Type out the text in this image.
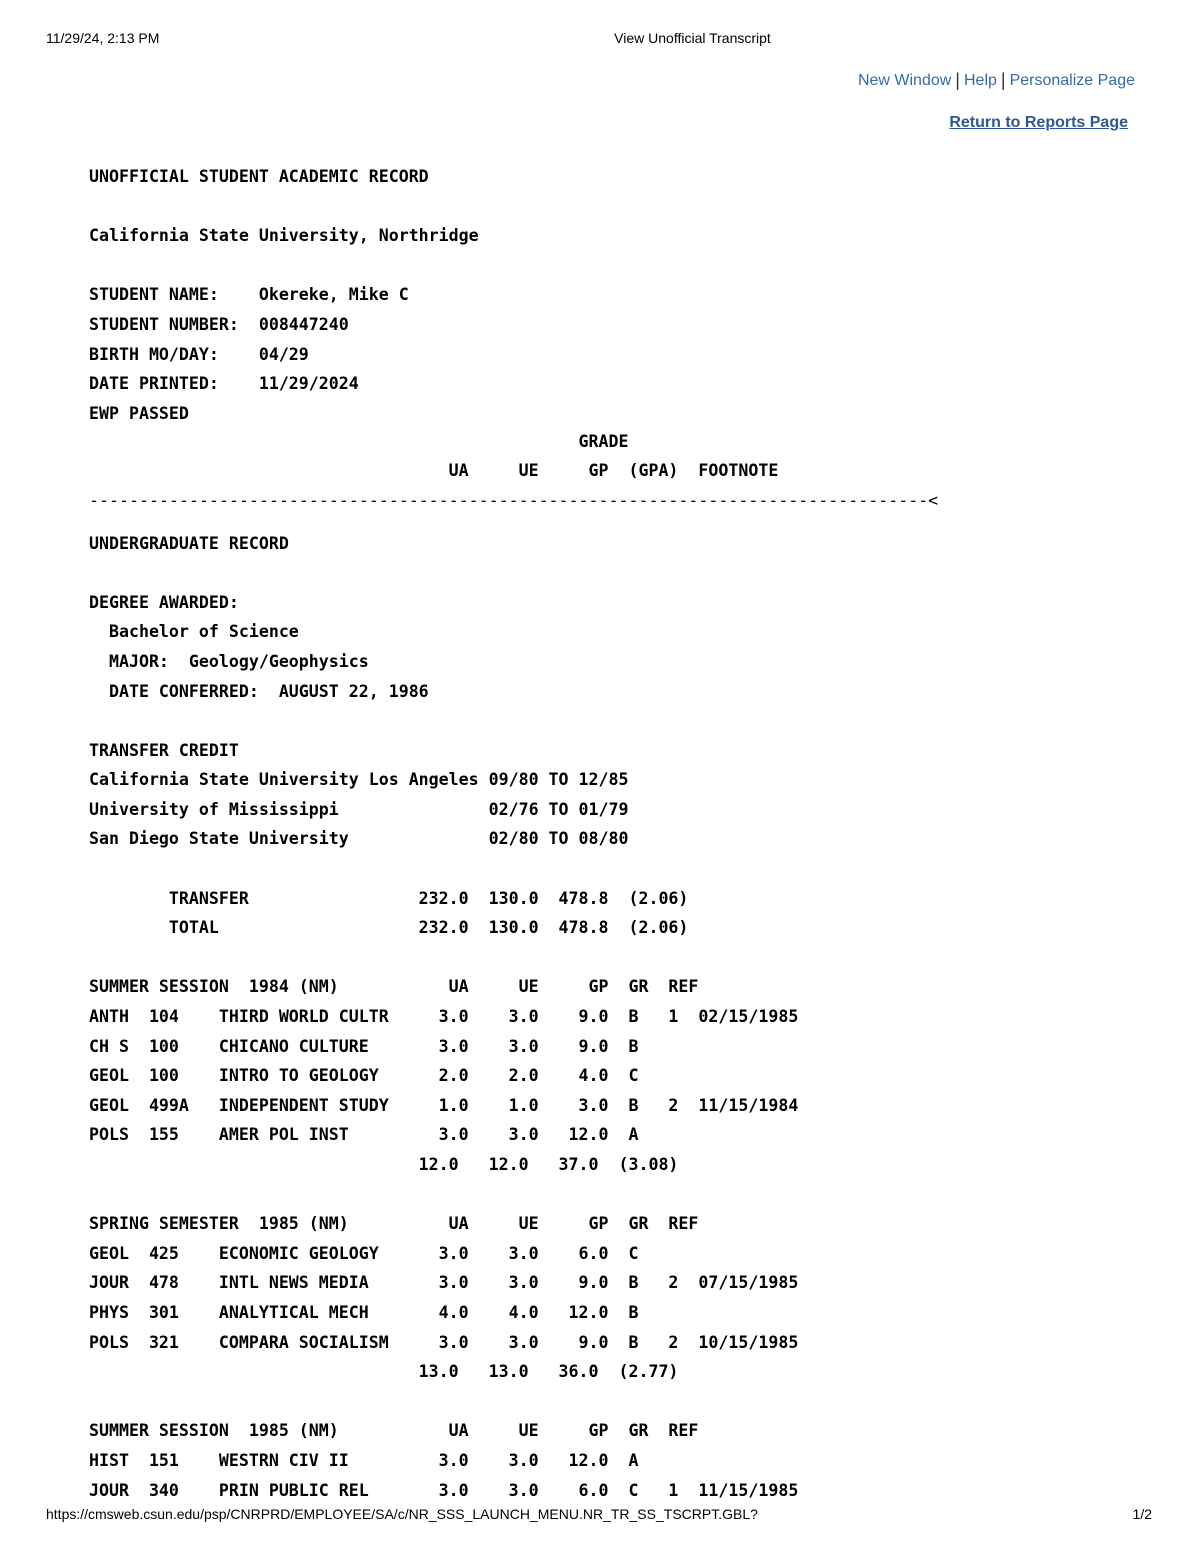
11/29/24, 2:13 PM	View Unofficial Transcript
New Window | Help | Personalize Page
Return to Reports Page
UNOFFICIAL STUDENT ACADEMIC RECORD
California State University, Northridge
STUDENT NAME:    Okereke, Mike C
STUDENT NUMBER:  008447240
BIRTH MO/DAY:    04/29
DATE PRINTED:    11/29/2024
EWP PASSED
GRADE
UA     UE     GP  (GPA)  FOOTNOTE
------------------------------------------------------------------------------------<
UNDERGRADUATE RECORD
DEGREE AWARDED:
Bachelor of Science
MAJOR:  Geology/Geophysics
DATE CONFERRED:  AUGUST 22, 1986
TRANSFER CREDIT
California State University Los Angeles 09/80 TO 12/85
University of Mississippi               02/76 TO 01/79
San Diego State University              02/80 TO 08/80
TRANSFER                 232.0  130.0  478.8  (2.06)
TOTAL                    232.0  130.0  478.8  (2.06)
SUMMER SESSION  1984 (NM)           UA     UE     GP  GR  REF
ANTH  104    THIRD WORLD CULTR     3.0    3.0    9.0  B   1  02/15/1985
CH S  100    CHICANO CULTURE       3.0    3.0    9.0  B
GEOL  100    INTRO TO GEOLOGY      2.0    2.0    4.0  C
GEOL  499A   INDEPENDENT STUDY     1.0    1.0    3.0  B   2  11/15/1984
POLS  155    AMER POL INST         3.0    3.0   12.0  A
12.0   12.0   37.0  (3.08)
SPRING SEMESTER  1985 (NM)          UA     UE     GP  GR  REF
GEOL  425    ECONOMIC GEOLOGY      3.0    3.0    6.0  C
JOUR  478    INTL NEWS MEDIA       3.0    3.0    9.0  B   2  07/15/1985
PHYS  301    ANALYTICAL MECH       4.0    4.0   12.0  B
POLS  321    COMPARA SOCIALISM     3.0    3.0    9.0  B   2  10/15/1985
13.0   13.0   36.0  (2.77)
SUMMER SESSION  1985 (NM)           UA     UE     GP  GR  REF
HIST  151    WESTRN CIV II         3.0    3.0   12.0  A
JOUR  340    PRIN PUBLIC REL       3.0    3.0    6.0  C   1  11/15/1985
https://cmsweb.csun.edu/psp/CNRPRD/EMPLOYEE/SA/c/NR_SSS_LAUNCH_MENU.NR_TR_SS_TSCRPT.GBL?	1/2
